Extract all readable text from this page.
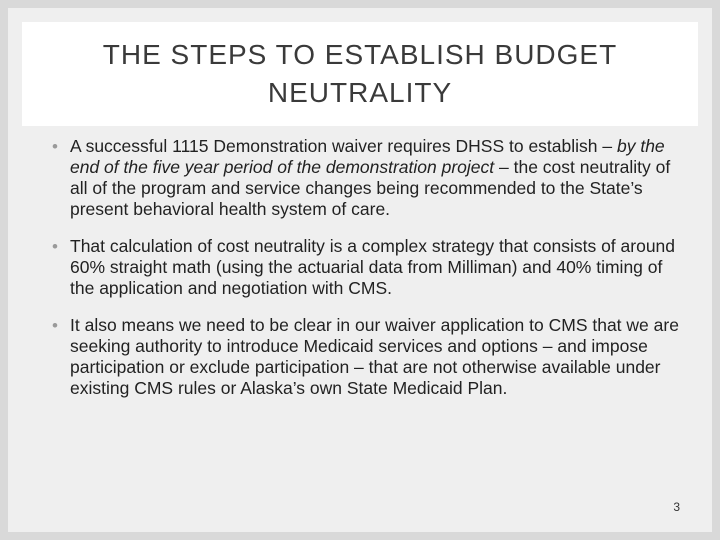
THE STEPS TO ESTABLISH BUDGET NEUTRALITY
• A successful 1115 Demonstration waiver requires DHSS to establish – by the end of the five year period of the demonstration project – the cost neutrality of all of the program and service changes being recommended to the State’s present behavioral health system of care.
• That calculation of cost neutrality is a complex strategy that consists of around 60% straight math (using the actuarial data from Milliman) and 40% timing of the application and negotiation with CMS.
• It also means we need to be clear in our waiver application to CMS that we are seeking authority to introduce Medicaid services and options – and impose participation or exclude participation – that are not otherwise available under existing CMS rules or Alaska’s own State Medicaid Plan.
3
